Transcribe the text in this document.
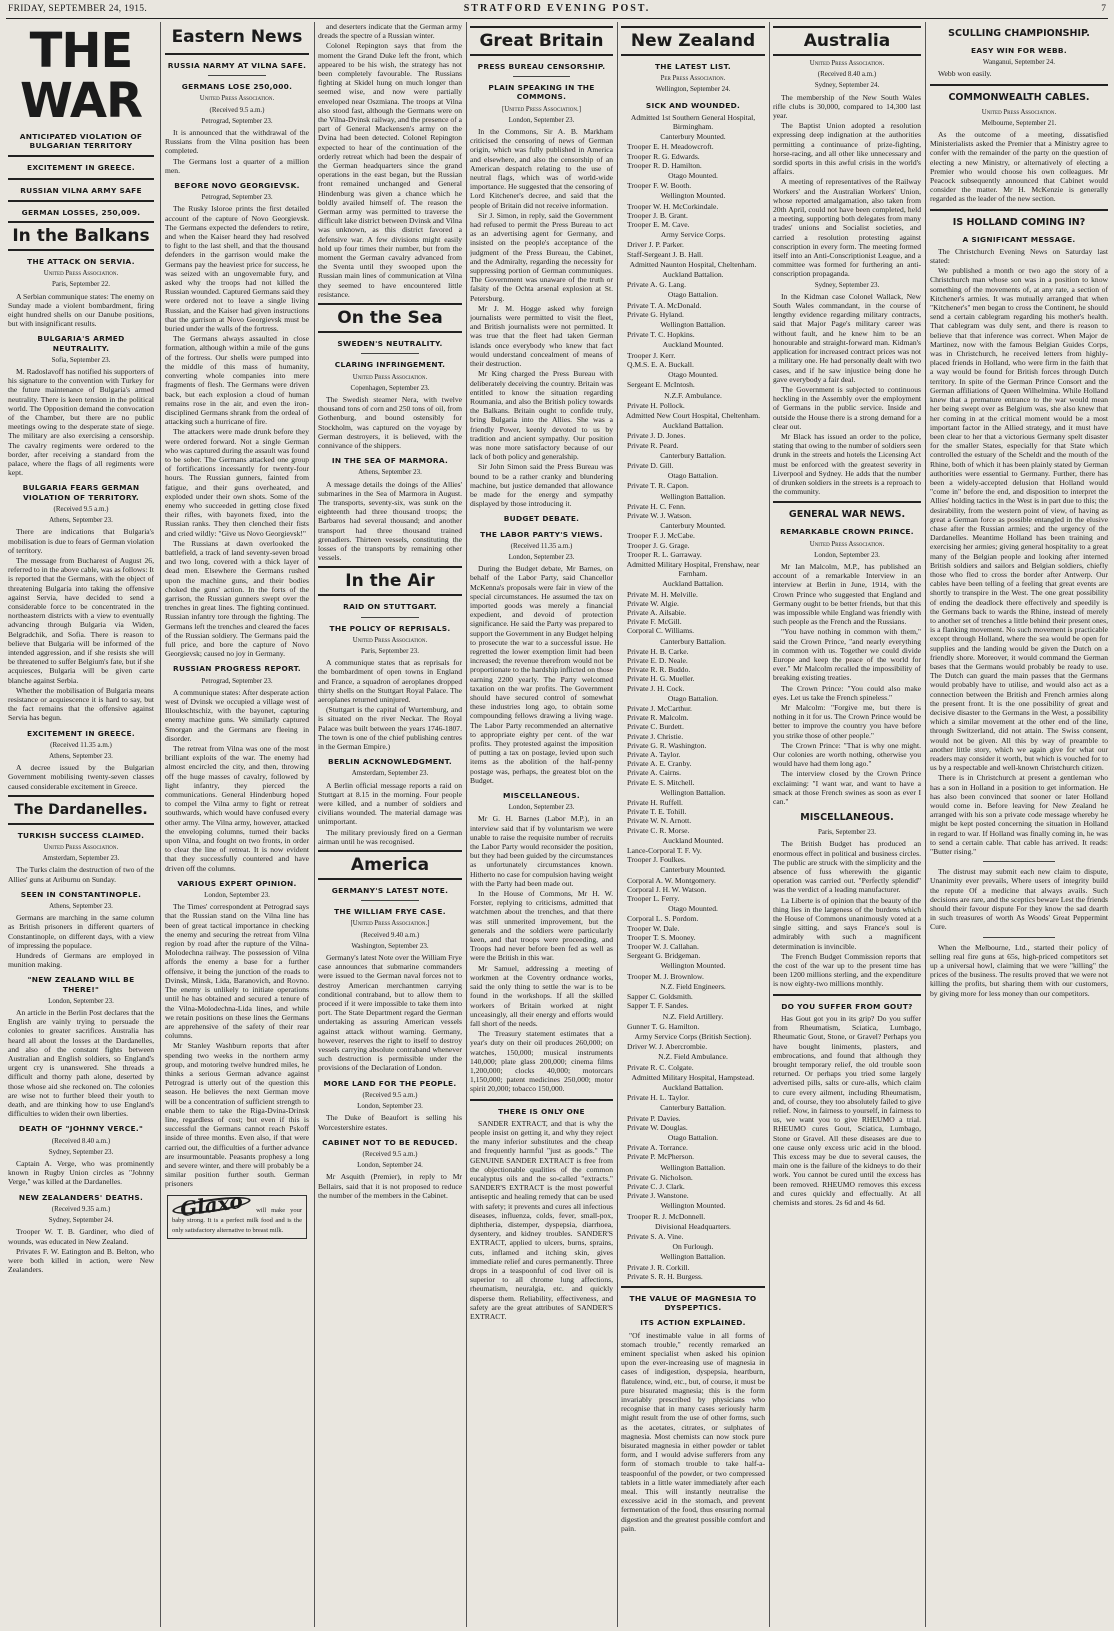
FRIDAY, SEPTEMBER 24, 1915.	STRATFORD EVENING POST.	7
THE WAR
ANTICIPATED VIOLATION OF BULGARIAN TERRITORY
EXCITEMENT IN GREECE.
RUSSIAN VILNA ARMY SAFE
GERMAN LOSSES, 250,009.
In the Balkans
THE ATTACK ON SERVIA.
United Press Association.
Paris, September 22.

A Serbian communique states: The enemy on Sunday made a violent bombardment, firing eight hundred shells on our Danube positions, but with insignificant results.

BULGARIA'S ARMED NEUTRALITY.
Sofia, September 23.

M. Radoslavoff has notified his supporters of his signature to the convention with Turkey for the future maintenance of Bulgaria's armed neutrality. There is keen tension in the political world. The Opposition demand the convocation of the Chamber, but there are no public meetings owing to the desperate state of siege. The military are also exercising a censorship. The cavalry regiments were ordered to the border, after receiving a standard from the palace, where the flags of all regiments were kept.

BULGARIA FEARS GERMAN VIOLATION OF TERRITORY.
(Received 9.5 a.m.)
Athens, September 23.

There are indications that Bulgaria's mobilisation is due to fears of German violation of territory.

The message from Bucharest of August 26, referred to in the above cable, was as follows: It is reported that the Germans, with the object of threatening Bulgaria into taking the offensive against Servia, have decided to send a considerable force to be concentrated in the northeastern districts with a view to eventually advancing through Bulgaria via Widen, Belgradchik, and Sofia. There is reason to believe that Bulgaria will be informed of the intended aggression, and if she resists she will be threatened to suffer Belgium's fate, but if she acquiesces, Bulgaria will be given carte blanche against Serbia.

Whether the mobilisation of Bulgaria means resistance or acquiescence it is hard to say, but the fact remains that the offensive against Servia has begun.

EXCITEMENT IN GREECE.
(Received 11.35 a.m.)
Athens, September 23.

A decree issued by the Bulgarian Government mobilising twenty-seven classes caused considerable excitement in Greece.

The Dardanelles.
TURKISH SUCCESS CLAIMED.
United Press Association.
Amsterdam, September 23.

The Turks claim the destruction of two of the Allies' guns at Ariburnu on Sunday.

SEEN IN CONSTANTINOPLE.
Athens, September 23.

Germans are marching in the same column as British prisoners in different quarters of Constantinople, on different days, with a view of impressing the populace.

Hundreds of Germans are employed in munition making.

"NEW ZEALAND WILL BE THERE!"
London, September 23.

An article in the Berlin Post declares that the English are vainly trying to persuade the colonies to greater sacrifices. Australia has heard all about the losses at the Dardanelles, and also of the constant fights between Australian and English soldiers, so England's urgent cry is unanswered. She threads a difficult and thorny path alone, deserted by those whose aid she reckoned on. The colonies are wise not to further bleed their youth to death, and are thinking how to use England's difficulties to widen their own liberties.

DEATH OF "JOHNNY VERCE."
(Received 8.40 a.m.)
Sydney, September 23.

Captain A. Verge, who was prominently known in Rugby Union circles as "Johnny Verge," was killed at the Dardanelles.

NEW ZEALANDERS' DEATHS.
(Received 9.35 a.m.)
Sydney, September 24.

Trooper W. T. B. Gardiner, who died of wounds, was educated in New Zealand.

Privates F. W. Eatington and B. Belton, who were both killed in action, were New Zealanders.

Eastern News
RUSSIA NARMY AT VILNA SAFE.
GERMANS LOSE 250,000.
United Press Association.
(Received 9.5 a.m.)
Petrograd, September 23.

It is announced that the withdrawal of the Russians from the Vilna position has been completed.

The Germans lost a quarter of a million men.

BEFORE NOVO GEORGIEVSK.
Petrograd, September 23.

The Rusky Isloroe prints the first detailed account of the capture of Novo Georgievsk. The Germans expected the defenders to retire, and when the Kaiser heard they had resolved to fight to the last shell, and that the thousand defenders in the garrison would make the Germans pay the heaviest price for success, he was seized with an ungovernable fury, and asked why the troops had not killed the Russian wounded. Captured Germans said they were ordered not to leave a single living Russian, and the Kaiser had given instructions that the garrison at Novo Georgievsk must be buried under the walls of the fortress.

The Germans always assaulted in close formation, although within a mile of the guns of the fortress. Our shells were pumped into the middle of this mass of humanity, converting whole companies into mere fragments of flesh. The Germans were driven back, but each explosion a cloud of human remains rose in the air, and even the iron-disciplined Germans shrank from the ordeal of attacking such a hurricane of fire.

The attackers were made drunk before they were ordered forward. Not a single German who was captured during the assault was found to be sober. The Germans attacked one group of fortifications incessantly for twenty-four hours. The Russian gunners, fainted from fatigue, and their guns overheated, and exploded under their own shots. Some of the enemy who succeeded in getting close fixed their rifles, with bayonets fixed, into the Russian ranks. They then clenched their fists and cried wildly: "Give us Novo Georgievsk!"

The Russians at dawn overlooked the battlefield, a track of land seventy-seven broad and two long, covered with a thick layer of dead men. Elsewhere the Germans rushed upon the machine guns, and their bodies choked the guns' action. In the forts of the garrison, the Russian gunners swept over the trenches in great lines. The fighting continued. Russian infantry tore through the fighting. The Germans left the trenches and cleared the faces of the Russian soldiery. The Germans paid the full price, and bore the capture of Novo Georgievsk; caused no joy in Germany.

RUSSIAN PROGRESS REPORT.
Petrograd, September 23.

A communique states: After desperate action west of Dvinsk we occupied a village west of Illoukschtschiz, with the bayonet, capturing enemy machine guns. We similarly captured Smorgan and the Germans are fleeing in disorder.

The retreat from Vilna was one of the most brilliant exploits of the war. The enemy had almost encircled the city, and then, throwing off the huge masses of cavalry, followed by light infantry, they pierced the communications. General Hindenburg hoped to compel the Vilna army to fight or retreat southwards, which would have confused every other army. The Vilna army, however, attacked the enveloping columns, turned their backs upon Vilna, and fought on two fronts, in order to clear the line of retreat. It is now evident that they successfully countered and have driven off the columns.

VARIOUS EXPERT OPINION.
London, September 23.

The Times' correspondent at Petrograd says that the Russian stand on the Vilna line has been of great tactical importance in checking the enemy and securing the retreat from Vilna region by road after the rupture of the Vilna-Molodechna railway. The possession of Vilna affords the enemy a base for a further offensive, it being the junction of the roads to Dvinsk, Minsk, Lida, Baranovich, and Rovno. The enemy is unlikely to initiate operations until he has obtained and secured a tenure of the Vilna-Molodechna-Lida lines, and while we retain positions on these lines the Germans are apprehensive of the safety of their rear columns.

Mr Stanley Washburn reports that after spending two weeks in the northern army group, and motoring twelve hundred miles, he thinks a serious German advance against Petrograd is utterly out of the question this season. He believes the next German move will be a concentration of sufficient strength to enable them to take the Riga-Dvina-Drinsk line, regardless of cost; but even if this is successful the Germans cannot reach Pskoff inside of three months. Even also, if that were carried out, the difficulties of a further advance are insurmountable. Peasants prophesy a long and severe winter, and there will probably be a similar position further south. German prisoners

Glaxo will make your baby strong. It is a perfect milk food and is the only satisfactory alternative to breast milk.

and deserters indicate that the German army dreads the spectre of a Russian winter.

Colonel Repington says that from the moment the Grand Duke left the front, which appeared to be his wish, the strategy has not been completely favourable. The Russians fighting at Skidel hung on much longer than seemed wise, and now were partially enveloped near Oszmiana. The troops at Vilna also stood fast, although the Germans were on the Vilna-Dvinsk railway, and the presence of a part of General Mackensen's army on the Dvina had been detected. Colonel Repington expected to hear of the continuation of the orderly retreat which had been the despair of the German headquarters since the grand operations in the east began, but the Russian front remained unchanged and General Hindenburg was given a chance which he boldly availed himself of. The reason the German army was permitted to traverse the difficult lake district between Dvinsk and Vilna was unknown, as this district favored a defensive war. A few divisions might easily hold up four times their number, but from the moment the German cavalry advanced from the Sventa until they swooped upon the Russian main lines of communication at Vilna they seemed to have encountered little resistance.

On the Sea
SWEDEN'S NEUTRALITY.
CLARING INFRINGEMENT.
United Press Association.
Copenhagen, September 23.

The Swedish steamer Nera, with twelve thousand tons of corn and 250 tons of oil, from Gothenburg, and bound ostensibly for Stockholm, was captured on the voyage by German destroyers, it is believed, with the connivance of the shippers.

IN THE SEA OF MARMORA.
Athens, September 23.

A message details the doings of the Allies' submarines in the Sea of Marmora in August. The transports, seventy-six, was sunk on the eighteenth had three thousand troops; the Barbaros had several thousand; and another transport had three thousand trained grenadiers. Thirteen vessels, constituting the losses of the transports by remaining other vessels.

In the Air
RAID ON STUTTGART.
THE POLICY OF REPRISALS.
United Press Association.
Paris, September 23.

A communique states that as reprisals for the bombardment of open towns in England and France, a squadron of aeroplanes dropped thirty shells on the Stuttgart Royal Palace. The aeroplanes returned uninjured.

(Stuttgart is the capital of Wurtemburg, and is situated on the river Neckar. The Royal Palace was built between the years 1746-1807. The town is one of the chief publishing centres in the German Empire.)

BERLIN ACKNOWLEDGMENT.
Amsterdam, September 23.

A Berlin official message reports a raid on Stuttgart at 8.15 in the morning. Four people were killed, and a number of soldiers and civilians wounded. The material damage was unimportant.

The military previously fired on a German airman until he was recognised.

America
GERMANY'S LATEST NOTE.
THE WILLIAM FRYE CASE.
[United Press Association.]
(Received 9.40 a.m.)
Washington, September 23.

Germany's latest Note over the William Frye case announces that submarine commanders were issued to the German naval forces not to destroy American merchantmen carrying conditional contraband, but to allow them to proceed if it were impossible to take them into port. The State Department regard the German undertaking as assuring American vessels against attack without warning. Germany, however, reserves the right to itself to destroy vessels carrying absolute contraband whenever such destruction is permissible under the provisions of the Declaration of London.

MORE LAND FOR THE PEOPLE.
(Received 9.5 a.m.)
London, September 23.

The Duke of Beaufort is selling his Worcestershire estates.

CABINET NOT TO BE REDUCED.
(Received 9.5 a.m.)
London, September 24.

Mr Asquith (Premier), in reply to Mr Bellairs, said that it is not proposed to reduce the number of the members in the Cabinet.

Great Britain
PRESS BUREAU CENSORSHIP.
PLAIN SPEAKING IN THE COMMONS.
[United Press Association.]
London, September 23.

In the Commons, Sir A. B. Markham criticised the censoring of news of German origin, which was fully published in America and elsewhere, and also the censorship of an American despatch relating to the use of neutral flags, which was of world-wide importance. He suggested that the censoring of Lord Kitchener's decree, and said that the people of Britain did not receive information.

Sir J. Simon, in reply, said the Government had refused to permit the Press Bureau to act as an advertising agent for Germany, and insisted on the people's acceptance of the judgment of the Press Bureau, the Cabinet, and the Admiralty, regarding the necessity for suppressing portion of German communiques. The Government was unaware of the truth or falsity of the Ochta arsenal explosion at St. Petersburg.

Mr J. M. Hogge asked why foreign journalists were permitted to visit the fleet, and British journalists were not permitted. It was true that the fleet had taken German islands once everybody who knew that fact would understand concealment of means of their destruction.

Mr King charged the Press Bureau with deliberately deceiving the country. Britain was entitled to know the situation regarding Roumania, and also the British policy towards the Balkans. Britain ought to confide truly, bring Bulgaria into the Allies. She was a friendly Power, keenly devoted to us by tradition and ancient sympathy. Our position was none more satisfactory because of our lack of both policy and generalship.

Sir John Simon said the Press Bureau was bound to be a rather cranky and blundering machine, but justice demanded that allowance be made for the energy and sympathy displayed by those introducing it.

BUDGET DEBATE.
THE LABOR PARTY'S VIEWS.
(Received 11.35 a.m.)
London, September 23.

During the Budget debate, Mr Barnes, on behalf of the Labor Party, said Chancellor McKenna's proposals were fair in view of the special circumstances. He assumed the tax on imported goods was merely a financial expedient, and devoid of protection significance. He said the Party was prepared to support the Government in any Budget helping to prosecute the war to a successful issue. He regretted the lower exemption limit had been increased; the revenue therefrom would not be proportionate to the hardship inflicted on those earning 2200 yearly. The Party welcomed taxation on the war profits. The Government should have secured control of somewhat these industries long ago, to obtain some compounding fellows drawing a living wage. The Labor Party recommended an alternative to appropriate eighty per cent. of the war profits. They protested against the imposition of putting a tax on postage, levied upon such items as the abolition of the half-penny postage was, perhaps, the greatest blot on the Budget.

MISCELLANEOUS.
London, September 23.

Mr G. H. Barnes (Labor M.P.), in an interview said that if by voluntarism we were unable to raise the requisite number of recruits the Labor Party would reconsider the position, but they had been guided by the circumstances as unfortunately circumstances known. Hitherto no case for compulsion having weight with the Party had been made out.

In the House of Commons, Mr H. W. Forster, replying to criticisms, admitted that watchmen about the trenches, and that there was still unmerited improvement, but the generals and the soldiers were particularly keen, and that troops were proceeding, and Troops had never before been fed as well as were the British in this war.

Mr Samuel, addressing a meeting of workmen at the Coventry ordnance works, said the only thing to settle the war is to be found in the workshops. If all the skilled workers of Britain worked at night unceasingly, all their energy and efforts would fall short of the needs.

The Treasury statement estimates that a year's duty on their oil produces 260,000; on watches, 150,000; musical instruments 140,000; plate glass 200,000; cinema films 1,200,000; clocks 40,000; motorcars 1,150,000; patent medicines 250,000; motor spirit 20,000; tobacco 150,000.

THERE IS ONLY ONE

SANDER EXTRACT, and that is why the people insist on getting it, and why they reject the many inferior substitutes and the cheap and frequently harmful "just as goods." The GENUINE SANDER EXTRACT is free from the objectionable qualities of the common eucalyptus oils and the so-called "extracts." SANDER'S EXTRACT is the most powerful antiseptic and healing remedy that can be used with safety; it prevents and cures all infectious diseases, influenza, colds, fever, small-pox, diphtheria, distemper, dyspepsia, diarrhoea, dysentery, and kidney troubles. SANDER'S EXTRACT, applied to ulcers, burns, sprains, cuts, inflamed and itching skin, gives immediate relief and cures permanently. Three drops in a teaspoonful of cod liver oil is superior to all chrome lung affections, rheumatism, neuralgia, etc. and quickly disperse them. Reliability, effectiveness, and safety are the great attributes of SANDER'S EXTRACT.

New Zealand
THE LATEST LIST.
Per Press Association.
Wellington, September 24.
SICK AND WOUNDED.
Admitted 1st Southern General Hospital, Birmingham.
Canterbury Mounted.
Trooper E. H. Meadowcroft.
Trooper R. G. Edwards.
Trooper R. D. Hamilton.
Otago Mounted.
Trooper F. W. Booth.
Wellington Mounted.
Trooper W. H. McCorkindale.
Trooper J. B. Grant.
Trooper E. M. Cave.
Army Service Corps.
Driver J. P. Parker.
Staff-Sergeant J. B. Hall.
Admitted Naunton Hospital, Cheltenham.
Auckland Battalion.
Private A. G. Lang.
Otago Battalion.
Private T. A. McDonald.
Private G. Hyland.
Wellington Battalion.
Private T. C. Hopkins.
Auckland Mounted.
Trooper J. Kerr.
Q.M.S. E. A. Buckall.
Otago Mounted.
Sergeant E. McIntosh.
N.Z.F. Ambulance.
Private H. Pollock.
Admitted New Court Hospital, Cheltenham.
Auckland Battalion.
Private J. D. Jones.
Private R. Peard.
Canterbury Battalion.
Private D. Gill.
Otago Battalion.
Private T. R. Capon.
Wellington Battalion.
Private H. C. Fenn.
Private W. J. Watson.
Canterbury Mounted.
Trooper F. J. McCabe.
Trooper J. G. Grage.
Trooper R. L. Garraway.
Admitted Military Hospital, Frenshaw, near Farnham.
Auckland Battalion.
Private M. H. Melville.
Private W. Algie.
Private A. Ailsabie.
Private F. McGill.
Corporal C. Williams.
Canterbury Battalion.
Private H. B. Carke.
Private E. D. Neale.
Private R. R. Buddo.
Private H. G. Mueller.
Private J. H. Cock.
Otago Battalion.
Private J. McCarthur.
Private R. Malcolm.
Private C. Burdett.
Private J. Christie.
Private G. R. Washington.
Private A. Taylor.
Private A. E. Cranby.
Private A. Cairns.
Private E. S. Mitchell.
Wellington Battalion.
Private H. Ruffell.
Private T. E. Tohill.
Private W. N. Arnott.
Private C. R. Morse.
Auckland Mounted.
Lance-Corporal T. F. Vy.
Trooper J. Foulkes.
Canterbury Mounted.
Corporal A. W. Montgomery.
Corporal J. H. W. Watson.
Trooper L. Ferry.
Otago Mounted.
Corporal L. S. Pordom.
Trooper W. Dale.
Trooper T. S. Mooney.
Trooper W. J. Callahan.
Sergeant G. Bridgeman.
Wellington Mounted.
Trooper M. J. Brownlow.
N.Z. Field Engineers.
Sapper C. Goldsmith.
Sapper T. F. Sandes.
N.Z. Field Artillery.
Gunner T. G. Hamilton.
Army Service Corps (British Section).
Driver W. J. Abercrombie.
N.Z. Field Ambulance.
Private R. C. Colgate.
Admitted Military Hospital, Hampstead.
Auckland Battalion.
Private H. L. Taylor.
Canterbury Battalion.
Private P. Davies.
Private W. Douglas.
Otago Battalion.
Private A. Torrance.
Private P. McPherson.
Wellington Battalion.
Private G. Nicholson.
Private C. J. Clark.
Private J. Wanstone.
Wellington Mounted.
Trooper R. J. McDonnell.
Divisional Headquarters.
Private S. A. Vine.
On Furlough.
Wellington Battalion.
Private J. R. Corkill.
Private S. R. H. Burgess.
THE VALUE OF MAGNESIA TO DYSPEPTICS.
ITS ACTION EXPLAINED.

"Of inestimable value in all forms of stomach trouble," recently remarked an eminent specialist when asked his opinion upon the ever-increasing use of magnesia in cases of indigestion, dyspepsia, heartburn, flatulence, wind, etc., but, of course, it must be pure bisurated magnesia; this is the form invariably prescribed by physicians who recognise that in many cases seriously harm might result from the use of other forms, such as the acetates, citrates, or sulphates of magnesia. Most chemists can now stock pure bisurated magnesia in either powder or tablet form, and I would advise sufferers from any form of stomach trouble to take half-a-teaspoonful of the powder, or two compressed tablets in a little water immediately after each meal. This will instantly neutralise the excessive acid in the stomach, and prevent fermentation of the food, thus ensuring normal digestion and the greatest possible comfort and pain.

Australia
United Press Association.
(Received 8.40 a.m.)
Sydney, September 24.

The membership of the New South Wales rifle clubs is 30,000, compared to 14,300 last year.

The Baptist Union adopted a resolution expressing deep indignation at the authorities permitting a continuance of prize-fighting, horse-racing, and all other like unnecessary and sordid sports in this awful crisis in the world's affairs.

A meeting of representatives of the Railway Workers' and the Australian Workers' Union, whose reported amalgamation, also taken from 20th April, could not have been completed, held a meeting, supporting both delegates from many trades' unions and Socialist societies, and carried a resolution protesting against conscription in every form. The meeting formed itself into an Anti-Conscriptionist League, and a committee was formed for furthering an anti-conscription propaganda.

Sydney, September 23.

In the Kidman case Colonel Wallack, New South Wales commandant, in the course of lengthy evidence regarding military contracts, said that Major Page's military career was without fault, and he knew him to be an honourable and straight-forward man. Kidman's application for increased contract prices was not a military one. He had personally dealt with two cases, and if he saw injustice being done he gave everybody a fair deal.

The Government is subjected to continuous heckling in the Assembly over the employment of Germans in the public service. Inside and outside the House there is a strong demand for a clear out.

Mr Black has issued an order to the police, stating that owing to the number of soldiers seen drunk in the streets and hotels the Licensing Act must be enforced with the greatest severity in Liverpool and Sydney. He adds that the number of drunken soldiers in the streets is a reproach to the community.

GENERAL WAR NEWS.
REMARKABLE CROWN PRINCE.
United Press Association.
London, September 23.

Mr Ian Malcolm, M.P., has published an account of a remarkable Interview in an interview at Berlin in June, 1914, with the Crown Prince who suggested that England and Germany ought to be better friends, but that this was impossible while England was friendly with such people as the French and the Russians.

"You have nothing in common with them," said the Crown Prince, "and nearly everything in common with us. Together we could divide Europe and keep the peace of the world for ever." Mr Malcolm recalled the impossibility of breaking existing treaties.

The Crown Prince: "You could also make eyes. Let us take the French spineless."

Mr Malcolm: "Forgive me, but there is nothing in it for us. The Crown Prince would be better to improve the country you have before you strike those of other people."

The Crown Prince: "That is why one might. Our colonies are worth nothing, otherwise you would have had them long ago."

The interview closed by the Crown Prince exclaiming: "I want war, and want to have a smack at those French swines as soon as ever I can."

MISCELLANEOUS.
Paris, September 23.

The British Budget has produced an enormous effect in political and business circles. The public are struck with the simplicity and the absence of fuss wherewith the gigantic operation was carried out. "Perfectly splendid" was the verdict of a leading manufacturer.

La Liberte is of opinion that the beauty of the thing lies in the largeness of the burdens which the House of Commons unanimously voted at a single sitting, and says France's soul is admirably with such a magnificent determination is invincible.

The French Budget Commission reports that the cost of the war up to the present time has been 1200 millions sterling, and the expenditure is now eighty-two millions monthly.

DO YOU SUFFER FROM GOUT?

Has Gout got you in its grip? Do you suffer from Rheumatism, Sciatica, Lumbago, Rheumatic Gout, Stone, or Gravel? Perhaps you have bought liniments, plasters, and embrocations, and found that although they brought temporary relief, the old trouble soon returned. Or perhaps you tried some largely advertised pills, salts or cure-alls, which claim to cure every ailment, including Rheumatism, and, of course, they too absolutely failed to give relief. Now, in fairness to yourself, in fairness to us, we want you to give RHEUMO a trial. RHEUMO cures Gout, Sciatica, Lumbago, Stone or Gravel. All these diseases are due to one cause only excess uric acid in the blood. This excess may be due to several causes, the main one is the failure of the kidneys to do their work. You cannot be cured until the excess has been removed. RHEUMO removes this excess and cures quickly and effectually. At all chemists and stores. 2s 6d and 4s 6d.

SCULLING CHAMPIONSHIP.
EASY WIN FOR WEBB.
Wanganui, September 24.

Webb won easily.

COMMONWEALTH CABLES.
United Press Association.
Melbourne, September 21.

As the outcome of a meeting, dissatisfied Ministerialists asked the Premier that a Ministry agree to confer with the remainder of the party on the question of electing a new Ministry, or alternatively of electing a Premier who would choose his own colleagues. Mr Peacock subsequently announced that Cabinet would consider the matter. Mr H. McKenzie is generally regarded as the leader of the new section.

IS HOLLAND COMING IN?
A SIGNIFICANT MESSAGE.

The Christchurch Evening News on Saturday last stated:

We published a month or two ago the story of a Christchurch man whose son was in a position to know something of the movements of, at any rate, a section of Kitchener's armies. It was mutually arranged that when "Kitchener's" men began to cross the Continent, he should send a certain cablegram regarding his mother's health. That cablegram was duly sent, and there is reason to believe that that inference was correct. When Major de Martinez, now with the famous Belgian Guides Corps, was in Christchurch, he received letters from highly-placed friends in Holland, who were firm in the faith that a way would be found for British forces through Dutch territory. In spite of the German Prince Consort and the German affiliations of Queen Wilhelmina. While Holland knew that a premature entrance to the war would mean her being swept over as Belgium was, she also knew that her coming in at the critical moment would be a most important factor in the Allied strategy, and it must have been clear to her that a victorious Germany spelt disaster for the smaller States, especially for that State which controlled the estuary of the Scheldt and the mouth of the Rhine, both of which it has been plainly stated by German authorities were essential to Germany. Further, there has been a widely-accepted delusion that Holland would "come in" before the end, and disposition to interpret the Allies' holding tactics in the West is in part due to this; the desirability, from the western point of view, of having as great a German force as possible entangled in the elusive chase after the Russian armies; and the urgency of the Dardanelles. Meantime Holland has been training and exercising her armies; giving general hospitality to a great many of the Belgian people and looking after interned British soldiers and sailors and Belgian soldiers, chiefly those who fled to cross the border after Antwerp. Our cables have been telling of a feeling that great events are shortly to transpire in the West. The one great possibility of ending the deadlock there effectively and speedily is the Germans back to wards the Rhine, instead of merely to another set of trenches a little behind their present ones, is a flanking movement. No such movement is practicable except through Holland, where the sea would be open for supplies and the landing would be given the Dutch on a friendly shore. Moreover, it would command the German bases that the Germans would probably be ready to use. The Dutch can guard the main passes that the Germans would probably have to utilise, and would also act as a connection between the British and French armies along the present front. It is the one possibility of great and decisive disaster to the Germans in the West, a possibility which a similar movement at the other end of the line, through Switzerland, did not attain. The Swiss consent, would not be given. All this by way of preamble to another little story, which we again give for what our readers may consider it worth, but which is vouched for to us by a respectable and well-known Christchurch citizen.

There is in Christchurch at present a gentleman who has a son in Holland in a position to get information. He has also been convinced that sooner or later Holland would come in. Before leaving for New Zealand he arranged with his son a private code message whereby he might be kept posted concerning the situation in Holland in regard to war. If Holland was finally coming in, he was to send a certain cable. That cable has arrived. It reads: "Butter rising."

The distrust may submit each new claim to dispute, Unanimity ever prevails, Where users of integrity build the repute Of a medicine that always avails. Such decisions are rare, and the sceptics beware Lest the friends should their favour dispute For they know the sad dearth in such treasures of worth As Woods' Great Peppermint Cure.

When the Melbourne, Ltd., started their policy of selling real fire guns at 65s, high-priced competitors set up a universal howl, claiming that we were "killing" the prices of the business. The results proved that we were not killing the profits, but sharing them with our customers, by giving more for less money than our competitors.
